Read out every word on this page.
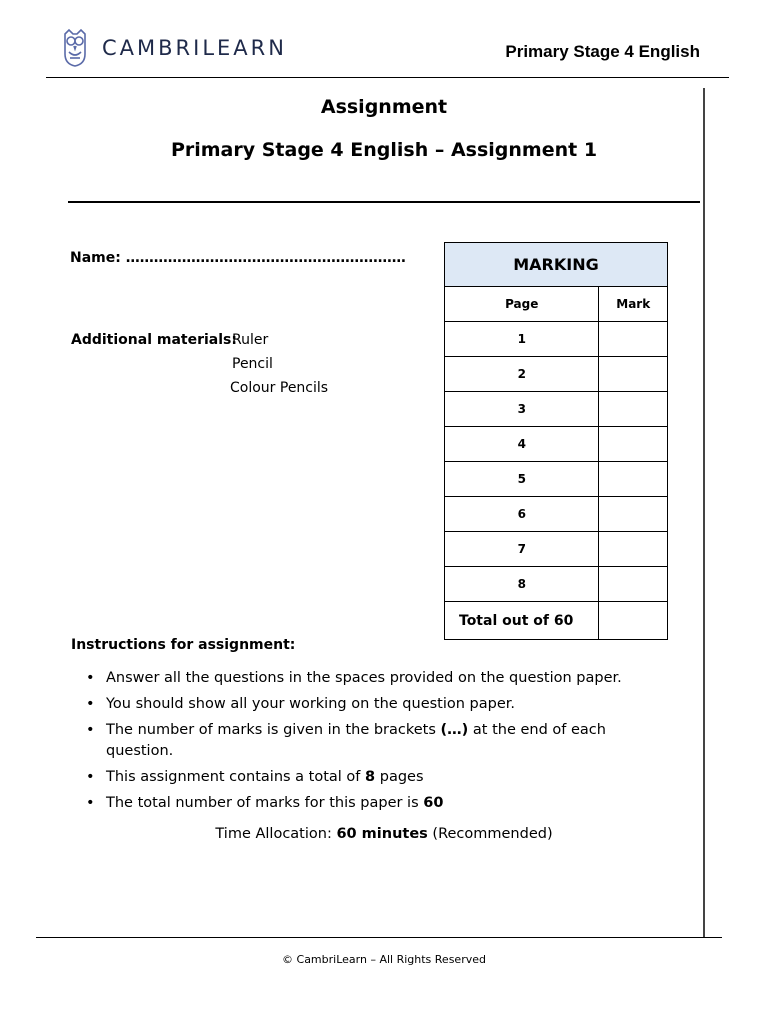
CAMBRILEARN	Primary Stage 4 English
Assignment
Primary Stage 4 English – Assignment 1
Name: ……………………………………………………
Additional materials:
Ruler
Pencil
Colour Pencils
MARKING	
Page	Mark
1	
2	
3	
4	
5	
6	
7	
8	
Total out of 60	
Instructions for assignment:
• Answer all the questions in the spaces provided on the question paper.
• You should show all your working on the question paper.
• The number of marks is given in the brackets (…) at the end of each question.
• This assignment contains a total of 8 pages
• The total number of marks for this paper is 60
Time Allocation: 60 minutes (Recommended)
© CambriLearn – All Rights Reserved
